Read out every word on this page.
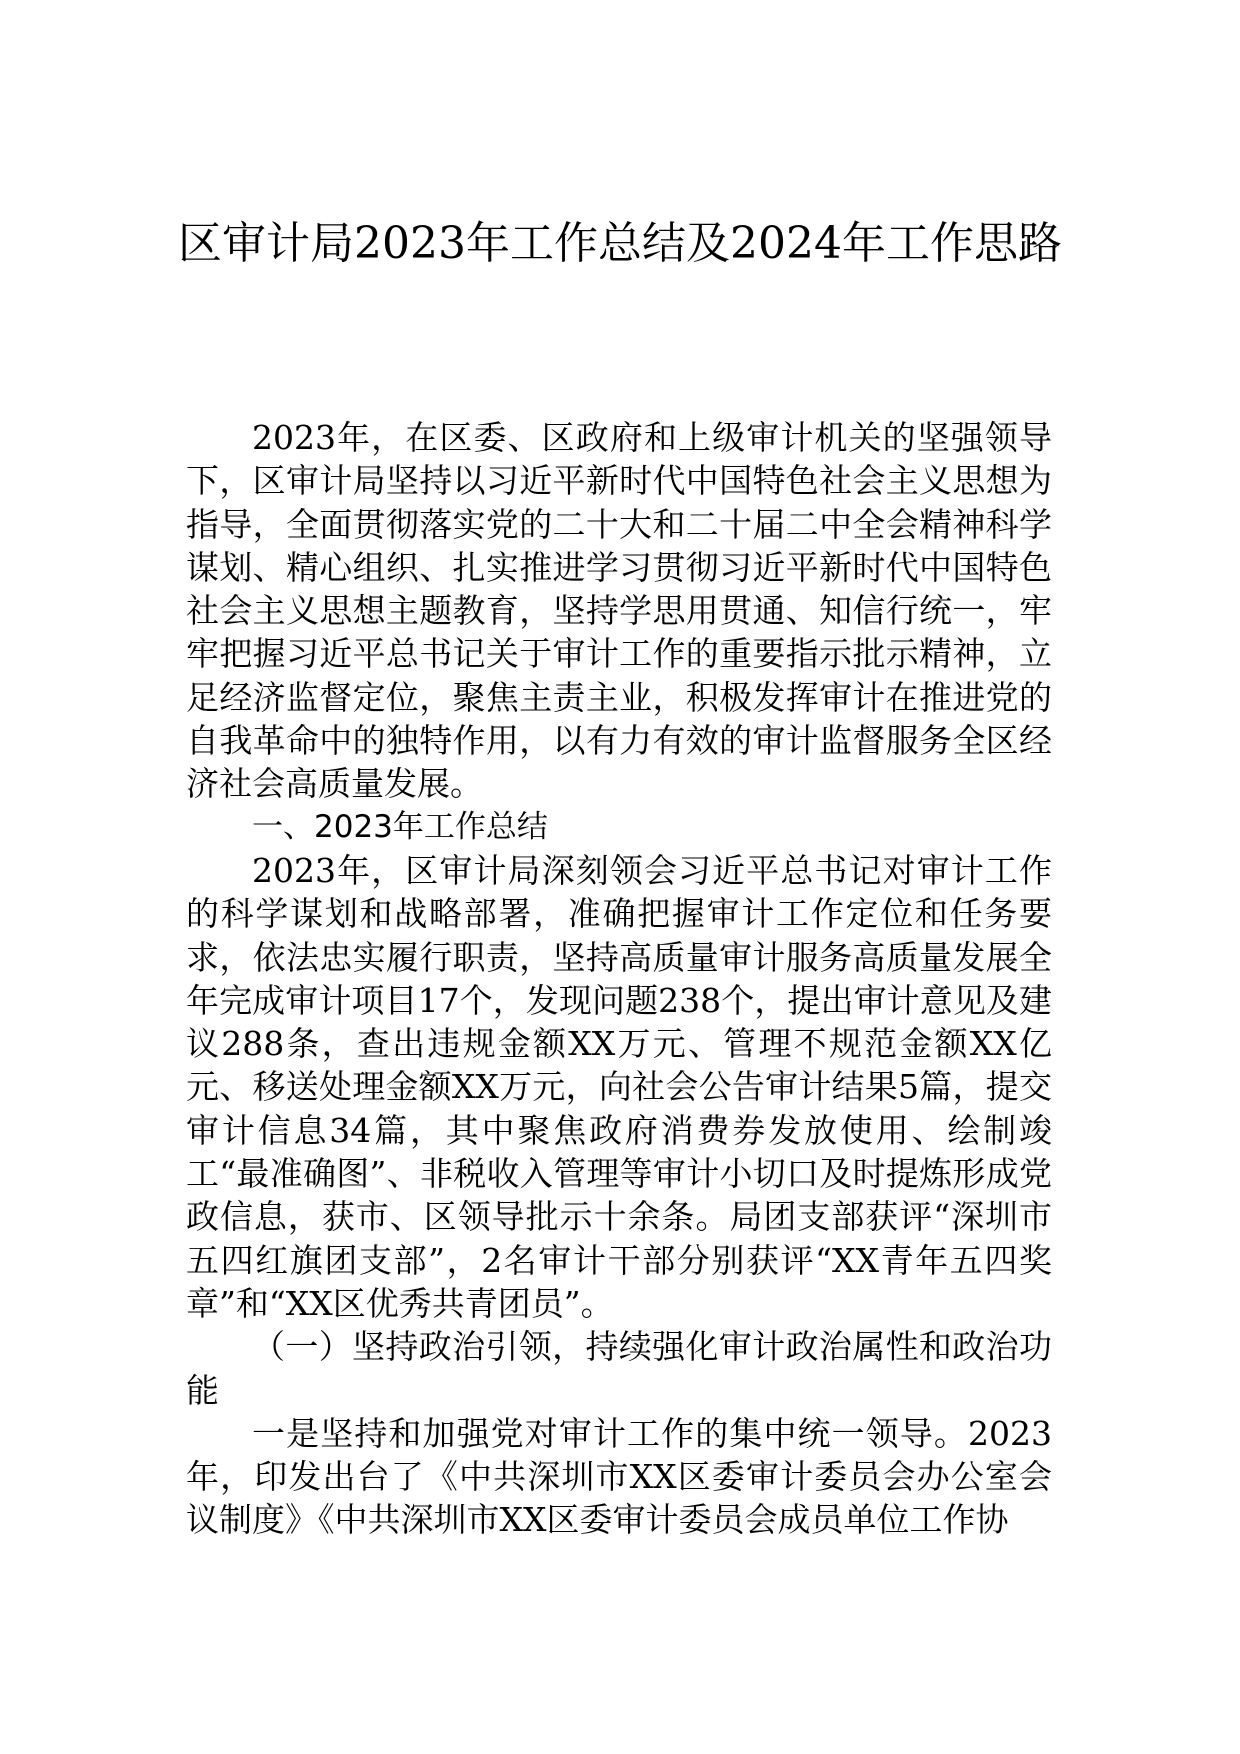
区审计局2023年工作总结及2024年工作思路

2023年，在区委、区政府和上级审计机关的坚强领导下，区审计局坚持以习近平新时代中国特色社会主义思想为指导，全面贯彻落实党的二十大和二十届二中全会精神科学谋划、精心组织、扎实推进学习贯彻习近平新时代中国特色社会主义思想主题教育，坚持学思用贯通、知信行统一，牢牢把握习近平总书记关于审计工作的重要指示批示精神，立足经济监督定位，聚焦主责主业，积极发挥审计在推进党的自我革命中的独特作用，以有力有效的审计监督服务全区经济社会高质量发展。

一、2023年工作总结

2023年，区审计局深刻领会习近平总书记对审计工作的科学谋划和战略部署，准确把握审计工作定位和任务要求，依法忠实履行职责，坚持高质量审计服务高质量发展全年完成审计项目17个，发现问题238个，提出审计意见及建议288条，查出违规金额XX万元、管理不规范金额XX亿元、移送处理金额XX万元，向社会公告审计结果5篇，提交审计信息34篇，其中聚焦政府消费券发放使用、绘制竣工“最准确图”、非税收入管理等审计小切口及时提炼形成党政信息，获市、区领导批示十余条。局团支部获评“深圳市五四红旗团支部”，2名审计干部分别获评“XX青年五四奖章”和“XX区优秀共青团员”。

（一）坚持政治引领，持续强化审计政治属性和政治功能

一是坚持和加强党对审计工作的集中统一领导。2023年，印发出台了《中共深圳市XX区委审计委员会办公室会议制度》《中共深圳市XX区委审计委员会成员单位工作协
